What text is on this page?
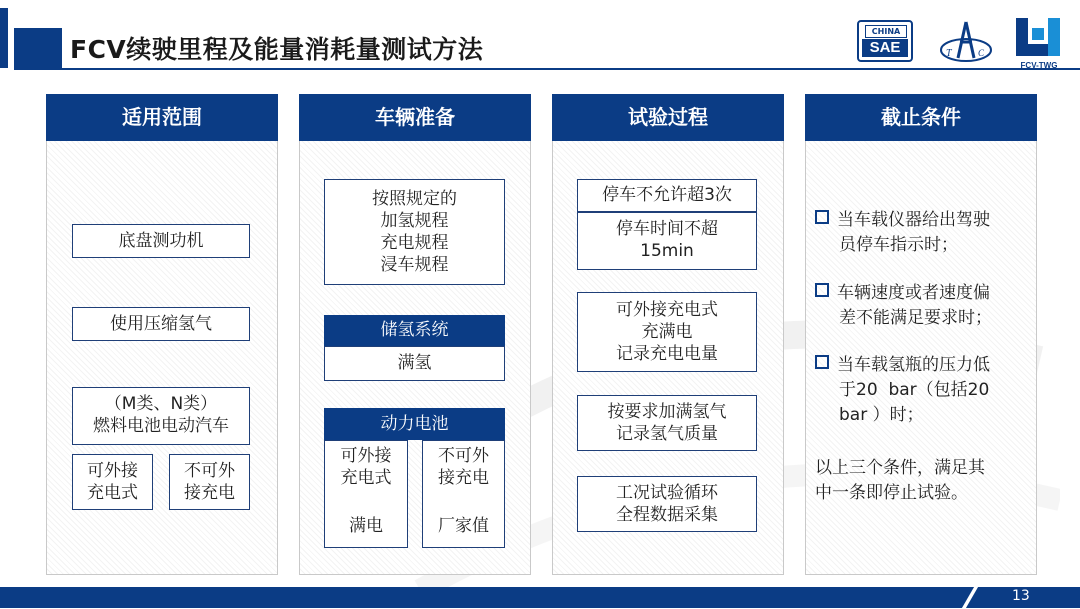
FCV续驶里程及能量消耗量测试方法
CHINA
SAE	T	C
FCV-TWG
适用范围
底盘测功机
使用压缩氢气
（M类、N类）
燃料电池电动汽车
可外接
充电式
不可外
接充电
车辆准备
按照规定的
加氢规程
充电规程
浸车规程
储氢系统
满氢
动力电池
可外接
充电式
满电
不可外
接充电
厂家值
试验过程
停车不允许超3次
停车时间不超
15min
可外接充电式
充满电
记录充电电量
按要求加满氢气
记录氢气质量
工况试验循环
全程数据采集
截止条件
当车载仪器给出驾驶
员停车指示时；
车辆速度或者速度偏
差不能满足要求时；
当车载氢瓶的压力低
于20  bar（包括20
bar ）时；
以上三个条件，满足其
中一条即停止试验。
13
